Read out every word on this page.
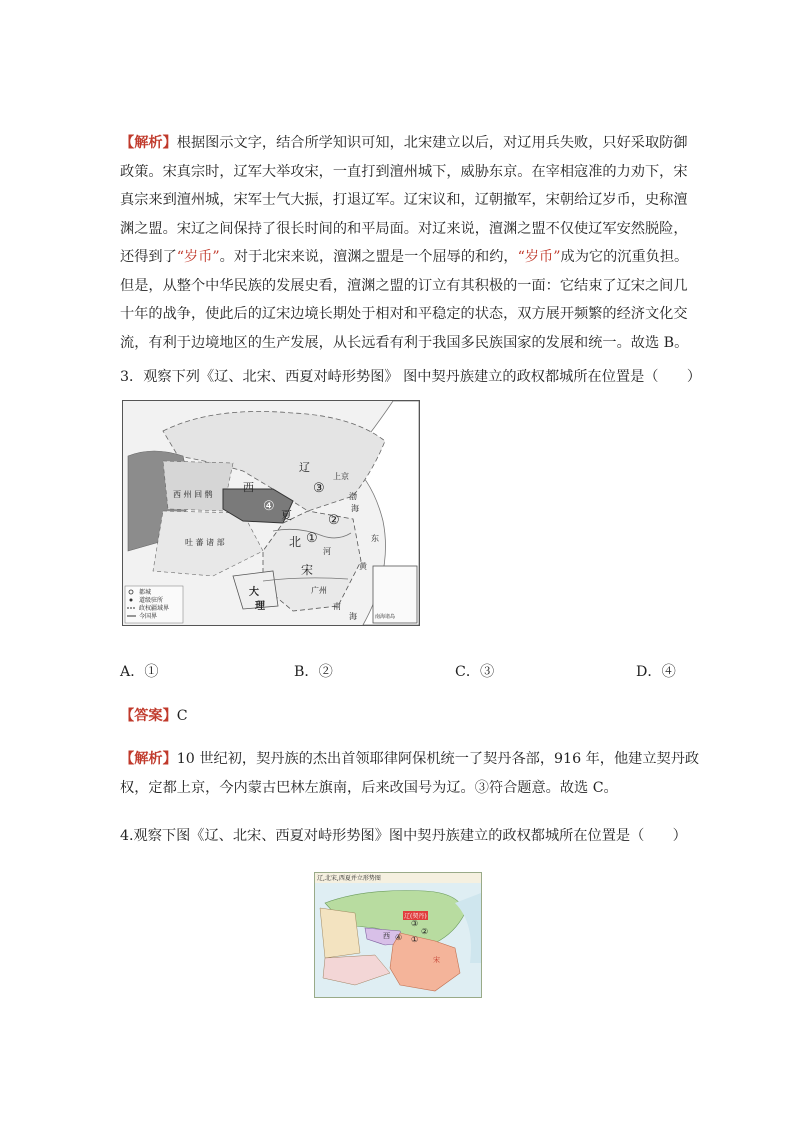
【解析】根据图示文字，结合所学知识可知，北宋建立以后，对辽用兵失败，只好采取防御
政策。宋真宗时，辽军大举攻宋，一直打到澶州城下，威胁东京。在宰相寇准的力劝下，宋
真宗来到澶州城，宋军士气大振，打退辽军。辽宋议和，辽朝撤军，宋朝给辽岁币，史称澶
渊之盟。宋辽之间保持了很长时间的和平局面。对辽来说，澶渊之盟不仅使辽军安然脱险，
还得到了“岁币”。对于北宋来说，澶渊之盟是一个屈辱的和约，“岁币”成为它的沉重负担。
但是，从整个中华民族的发展史看，澶渊之盟的订立有其积极的一面：它结束了辽宋之间几
十年的战争，使此后的辽宋边境长期处于相对和平稳定的状态，双方展开频繁的经济文化交
流，有利于边境地区的生产发展，从长远看有利于我国多民族国家的发展和统一。故选 B。
3．观察下列《辽、北宋、西夏对峙形势图》 图中契丹族建立的政权都城所在位置是（　　）
辽
上京
③
西
④
夏
西 州 回 鹘
吐 蕃 诸 部	北 ①
②
渤
海
东
河
宋	黄
大
理
广州
南
海
都城
道级驻所
政权疆域界
今国界	南海诸岛
A．①	B．②	C．③	D．④
【答案】C
【解析】10 世纪初，契丹族的杰出首领耶律阿保机统一了契丹各部，916 年，他建立契丹政
权，定都上京，今内蒙古巴林左旗南，后来改国号为辽。③符合题意。故选 C。
4.观察下图《辽、北宋、西夏对峙形势图》图中契丹族建立的政权都城所在位置是（　　）
辽,北宋,西夏并立形势图
辽(契丹)
③
西 ④
②
①
宋
